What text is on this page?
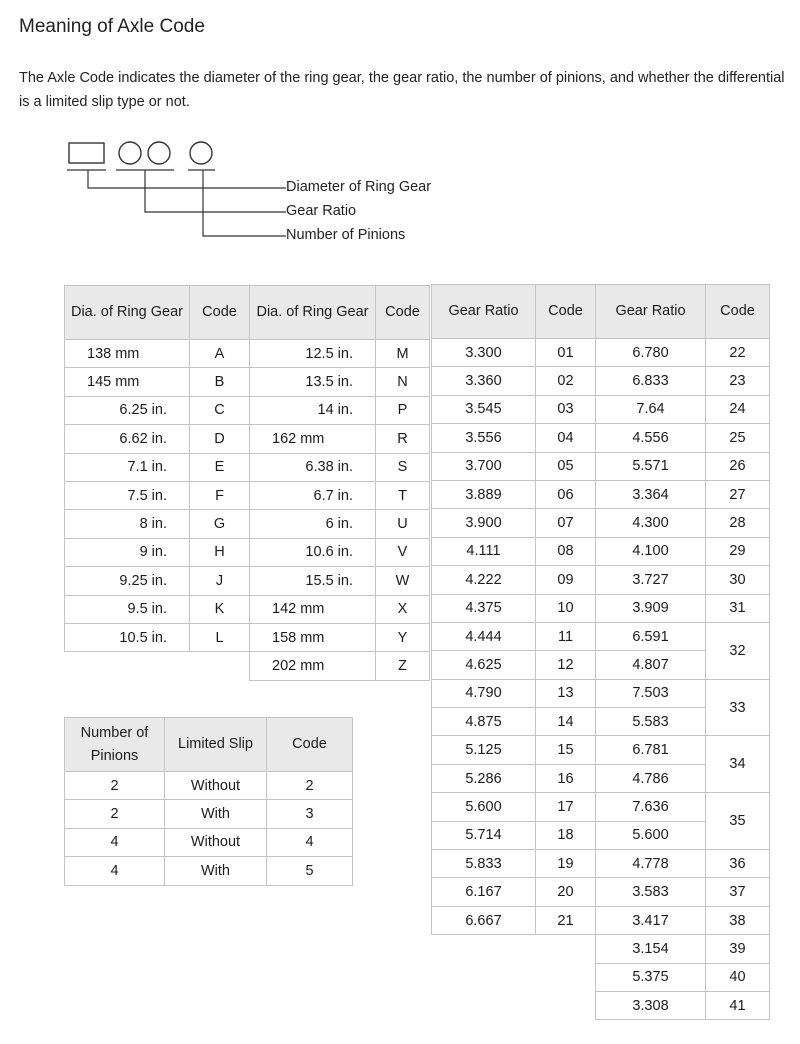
Meaning of Axle Code
The Axle Code indicates the diameter of the ring gear, the gear ratio, the number of pinions, and whether the differential is a limited slip type or not.
Diameter of Ring Gear
Gear Ratio
Number of Pinions
Dia. of Ring Gear	Code	Dia. of Ring Gear	Code
138 mm	A	12.5 in.	M
145 mm	B	13.5 in.	N
6.25 in.	C	14 in.	P
6.62 in.	D	162 mm	R
7.1 in.	E	6.38 in.	S
7.5 in.	F	6.7 in.	T
8 in.	G	6 in.	U
9 in.	H	10.6 in.	V
9.25 in.	J	15.5 in.	W
9.5 in.	K	142 mm	X
10.5 in.	L	158 mm	Y
		202 mm	Z
Gear Ratio	Code	Gear Ratio	Code
3.300	01	6.780	22
3.360	02	6.833	23
3.545	03	7.64	24
3.556	04	4.556	25
3.700	05	5.571	26
3.889	06	3.364	27
3.900	07	4.300	28
4.111	08	4.100	29
4.222	09	3.727	30
4.375	10	3.909	31
4.444	11	6.591	32
4.625	12	4.807	
4.790	13	7.503	33
4.875	14	5.583	
5.125	15	6.781	34
5.286	16	4.786	
5.600	17	7.636	35
5.714	18	5.600	
5.833	19	4.778	36
6.167	20	3.583	37
6.667	21	3.417	38
		3.154	39
		5.375	40
		3.308	41
Number of Pinions	Limited Slip	Code
2	Without	2
2	With	3
4	Without	4
4	With	5
